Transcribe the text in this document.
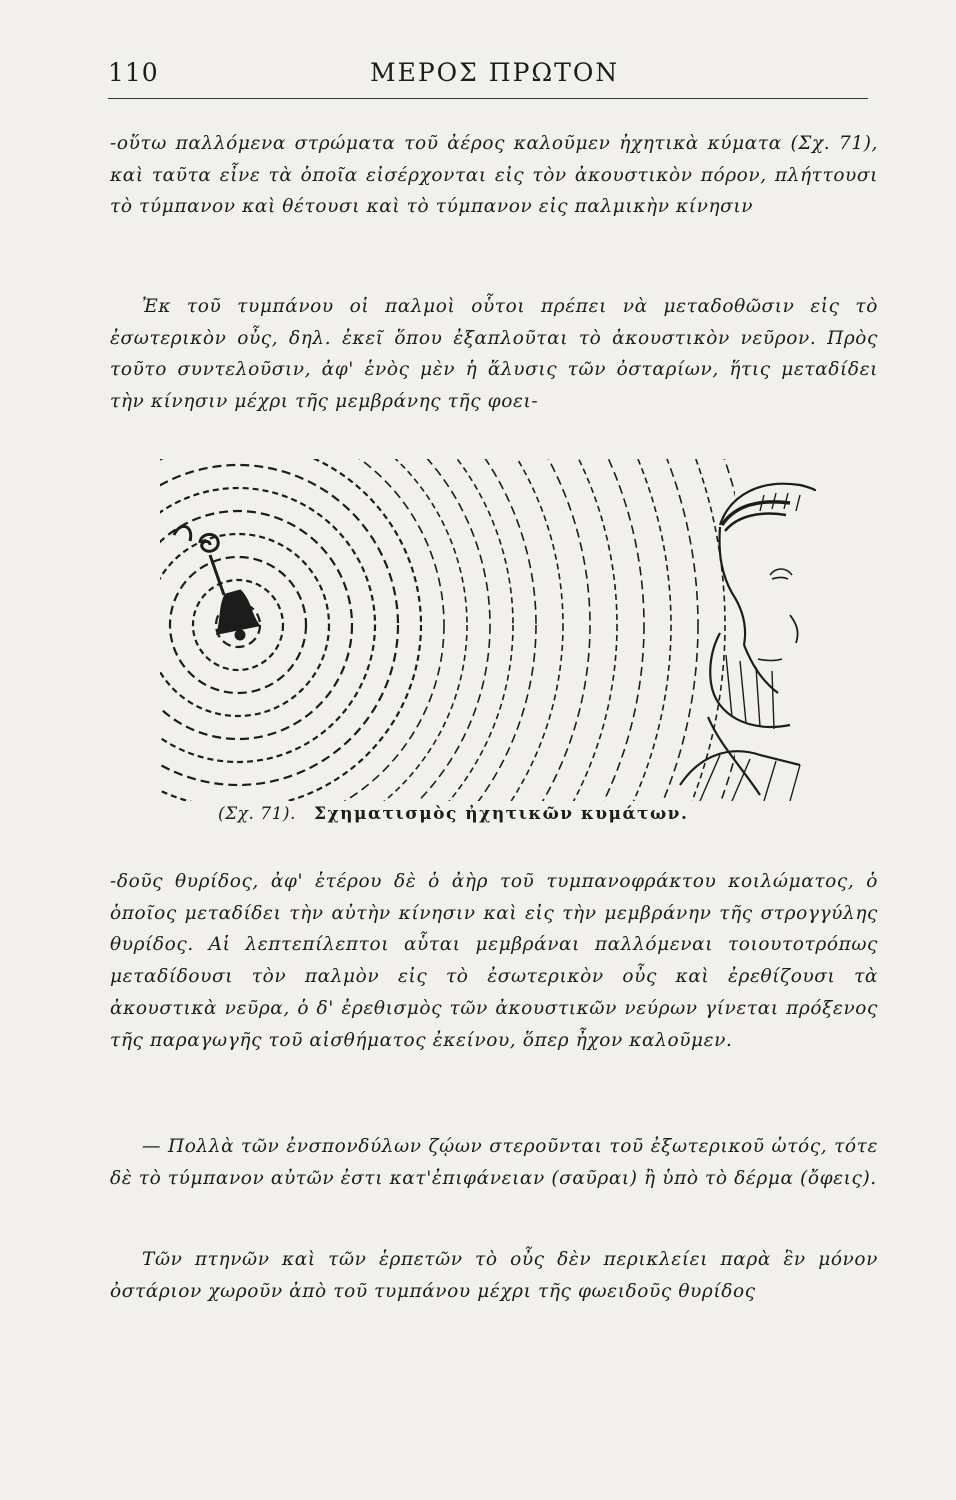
110	ΜΕΡΟΣ ΠΡΩΤΟΝ

-οὕτω παλλόμενα στρώματα τοῦ ἀέρος καλοῦμεν ἠχητικὰ κύματα (Σχ. 71), καὶ ταῦτα εἶνε τὰ ὁποῖα εἰσέρχονται εἰς τὸν ἀκουστικὸν πόρον, πλήττουσι τὸ τύμπανον καὶ θέτουσι καὶ τὸ τύμπανον εἰς παλμικὴν κίνησιν

Ἐκ τοῦ τυμπάνου οἱ παλμοὶ οὗτοι πρέπει νὰ μεταδοθῶσιν εἰς τὸ ἐσωτερικὸν οὖς, δηλ. ἐκεῖ ὅπου ἐξαπλοῦται τὸ ἀκουστικὸν νεῦρον. Πρὸς τοῦτο συντελοῦσιν, ἀφ' ἑνὸς μὲν ἡ ἅλυσις τῶν ὀσταρίων, ἥτις μεταδίδει τὴν κίνησιν μέχρι τῆς μεμβράνης τῆς φοει-

(Σχ. 71). Σχηματισμὸς ἠχητικῶν κυμάτων.

-δοῦς θυρίδος, ἀφ' ἑτέρου δὲ ὁ ἀὴρ τοῦ τυμπανοφράκτου κοιλώματος, ὁ ὁποῖος μεταδίδει τὴν αὐτὴν κίνησιν καὶ εἰς τὴν μεμβράνην τῆς στρογγύλης θυρίδος. Αἱ λεπτεπίλεπτοι αὗται μεμβράναι παλλόμεναι τοιουτοτρόπως μεταδίδουσι τὸν παλμὸν εἰς τὸ ἐσωτερικὸν οὖς καὶ ἐρεθίζουσι τὰ ἀκουστικὰ νεῦρα, ὁ δ' ἐρεθισμὸς τῶν ἀκουστικῶν νεύρων γίνεται πρόξενος τῆς παραγωγῆς τοῦ αἰσθήματος ἐκείνου, ὅπερ ἦχον καλοῦμεν.

— Πολλὰ τῶν ἐνσπονδύλων ζῴων στεροῦνται τοῦ ἐξωτερικοῦ ὠτός, τότε δὲ τὸ τύμπανον αὐτῶν ἐστι κατ'ἐπιφάνειαν (σαῦραι) ἢ ὑπὸ τὸ δέρμα (ὄφεις).

Τῶν πτηνῶν καὶ τῶν ἑρπετῶν τὸ οὖς δὲν περικλείει παρὰ ἓν μόνον ὀστάριον χωροῦν ἀπὸ τοῦ τυμπάνου μέχρι τῆς φωειδοῦς θυρίδος
